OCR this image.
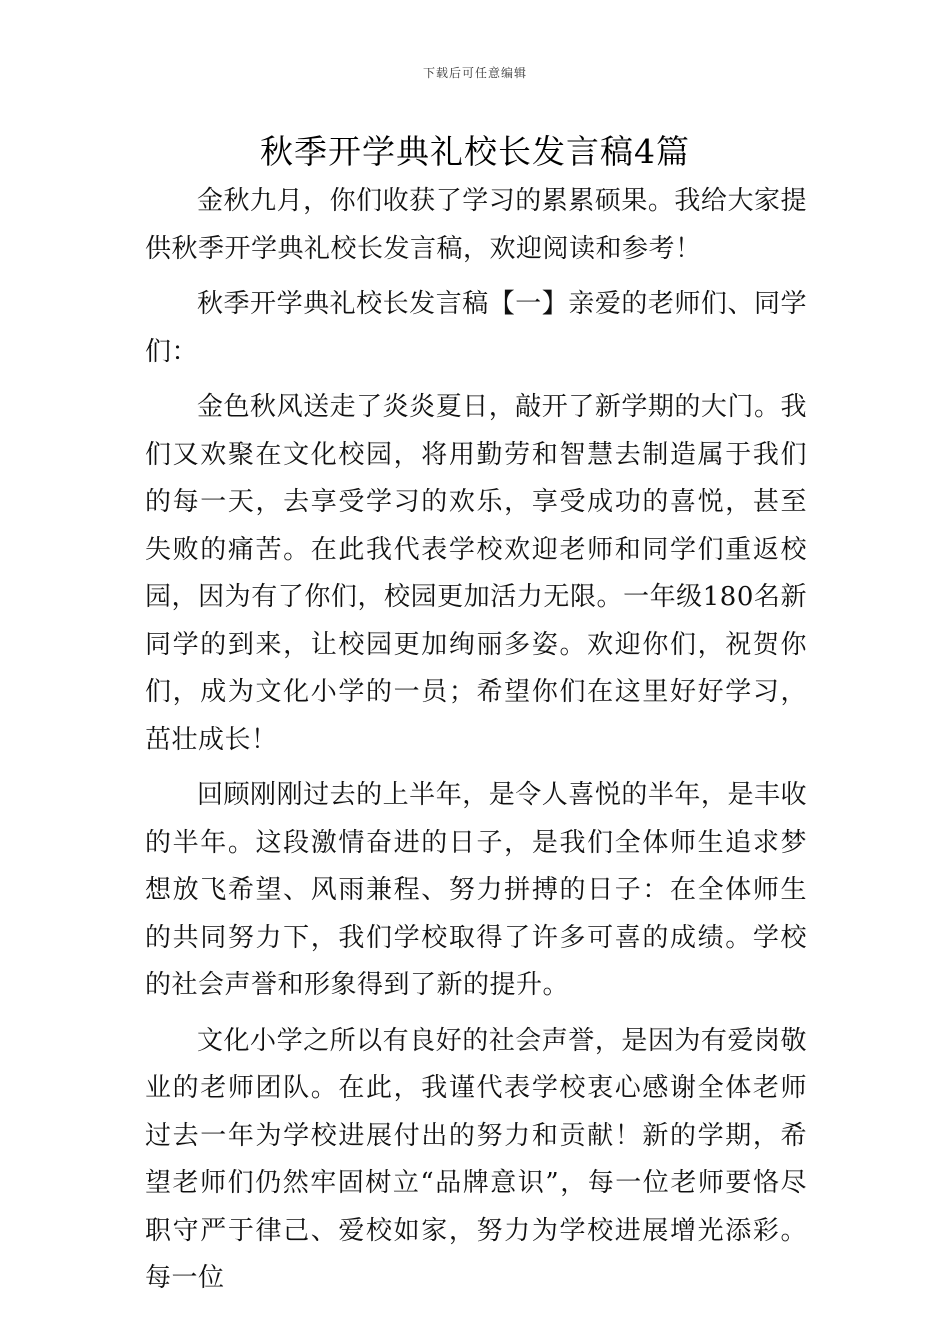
下载后可任意编辑
秋季开学典礼校长发言稿4篇

金秋九月，你们收获了学习的累累硕果。我给大家提供秋季开学典礼校长发言稿，欢迎阅读和参考！

秋季开学典礼校长发言稿【一】亲爱的老师们、同学们：

金色秋风送走了炎炎夏日，敲开了新学期的大门。我们又欢聚在文化校园，将用勤劳和智慧去制造属于我们的每一天，去享受学习的欢乐，享受成功的喜悦，甚至失败的痛苦。在此我代表学校欢迎老师和同学们重返校园，因为有了你们，校园更加活力无限。一年级180名新同学的到来，让校园更加绚丽多姿。欢迎你们，祝贺你们，成为文化小学的一员；希望你们在这里好好学习，茁壮成长！

回顾刚刚过去的上半年，是令人喜悦的半年，是丰收的半年。这段激情奋进的日子，是我们全体师生追求梦想放飞希望、风雨兼程、努力拼搏的日子：在全体师生的共同努力下，我们学校取得了许多可喜的成绩。学校的社会声誉和形象得到了新的提升。

文化小学之所以有良好的社会声誉，是因为有爱岗敬业的老师团队。在此，我谨代表学校衷心感谢全体老师过去一年为学校进展付出的努力和贡献！新的学期，希望老师们仍然牢固树立“品牌意识”，每一位老师要恪尽职守严于律己、爱校如家，努力为学校进展增光添彩。每一位
